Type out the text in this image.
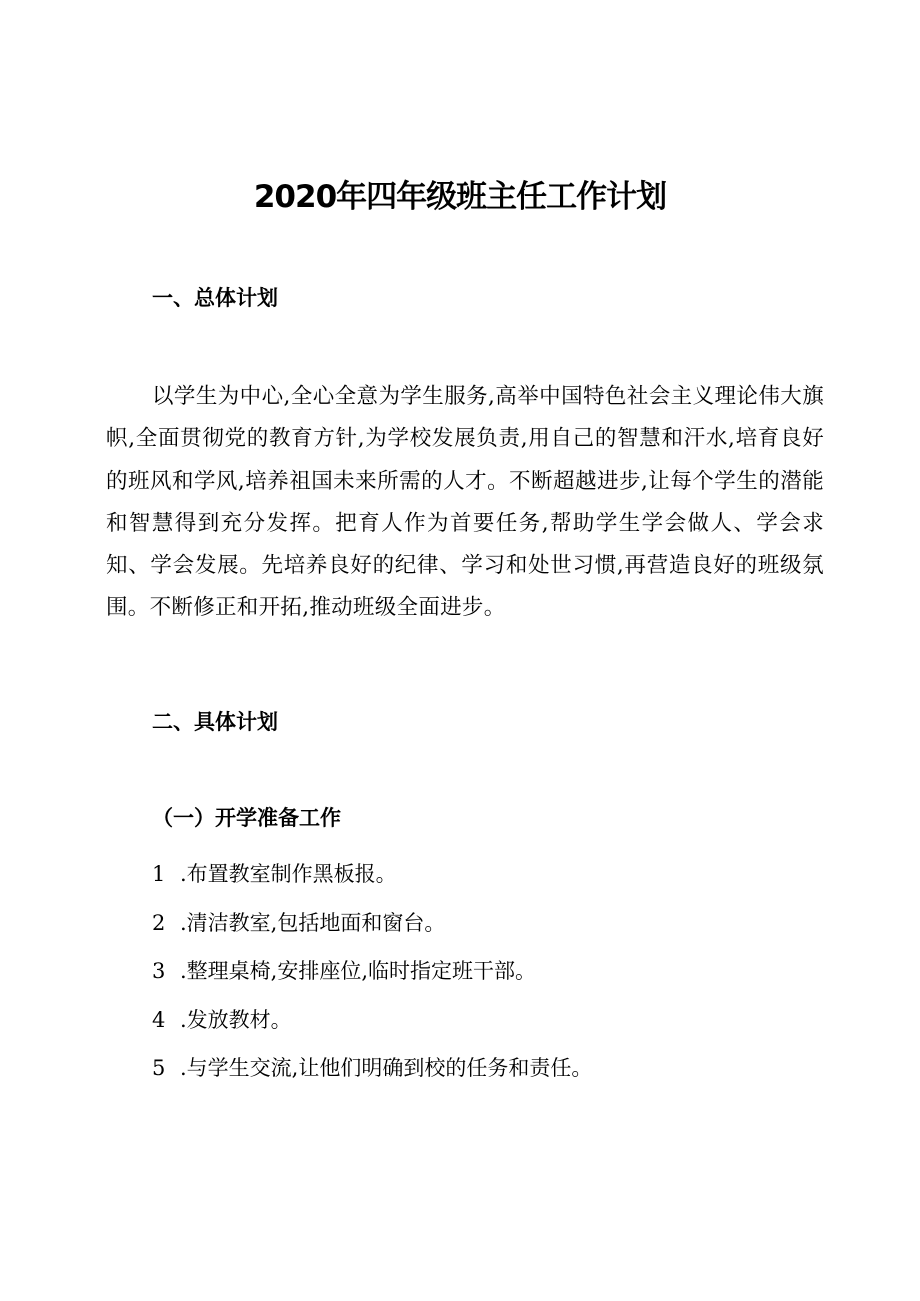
2020年四年级班主任工作计划
一、总体计划

以学生为中心,全心全意为学生服务,高举中国特色社会主义理论伟大旗帜,全面贯彻党的教育方针,为学校发展负责,用自己的智慧和汗水,培育良好的班风和学风,培养祖国未来所需的人才。不断超越进步,让每个学生的潜能和智慧得到充分发挥。把育人作为首要任务,帮助学生学会做人、学会求知、学会发展。先培养良好的纪律、学习和处世习惯,再营造良好的班级氛围。不断修正和开拓,推动班级全面进步。

二、具体计划
（一）开学准备工作
1 .布置教室制作黑板报。
2 .清洁教室,包括地面和窗台。
3 .整理桌椅,安排座位,临时指定班干部。
4 .发放教材。
5 .与学生交流,让他们明确到校的任务和责任。
